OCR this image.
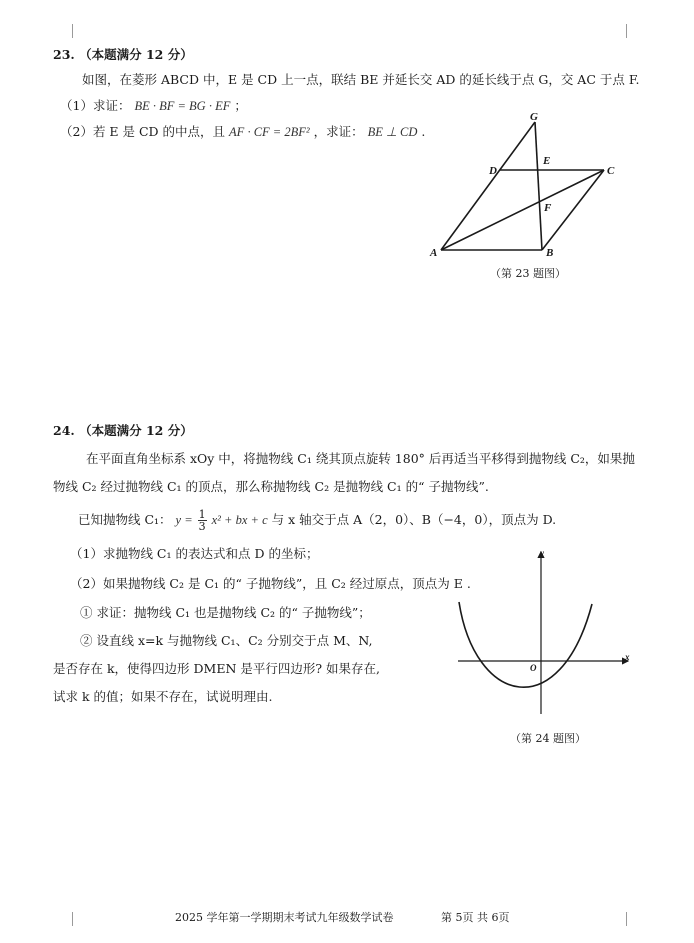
23. （本题满分 12 分）
如图，在菱形 ABCD 中，E 是 CD 上一点，联结 BE 并延长交 AD 的延长线于点 G，交 AC 于点 F.
（1）求证： BE · BF = BG · EF ；
（2）若 E 是 CD 的中点，且 AF · CF = 2BF² ，求证： BE ⊥ CD .
G
D
E
C
F
A	B
（第 23 题图）
24. （本题满分 12 分）
在平面直角坐标系 xOy 中，将抛物线 C₁ 绕其顶点旋转 180° 后再适当平移得到抛物线 C₂，如果抛
物线 C₂ 经过抛物线 C₁ 的顶点，那么称抛物线 C₂ 是抛物线 C₁ 的“ 子抛物线”.
已知抛物线 C₁： $y = \frac{1}{3} x^2$ + bx + c 与 x 轴交于点 A（2，0）、B（−4，0），顶点为 D.
（1）求抛物线 C₁ 的表达式和点 D 的坐标；
（2）如果抛物线 C₂ 是 C₁ 的“ 子抛物线”，且 C₂ 经过原点，顶点为 E .
① 求证：抛物线 C₁ 也是抛物线 C₂ 的“ 子抛物线”；
② 设直线 x=k 与抛物线 C₁、C₂ 分别交于点 M、N,
是否存在 k，使得四边形 DMEN 是平行四边形? 如果存在,
试求 k 的值；如果不存在，试说明理由.
x
y
O
（第 24 题图）
2025 学年第一学期期末考试九年级数学试卷	第 5页 共 6页
